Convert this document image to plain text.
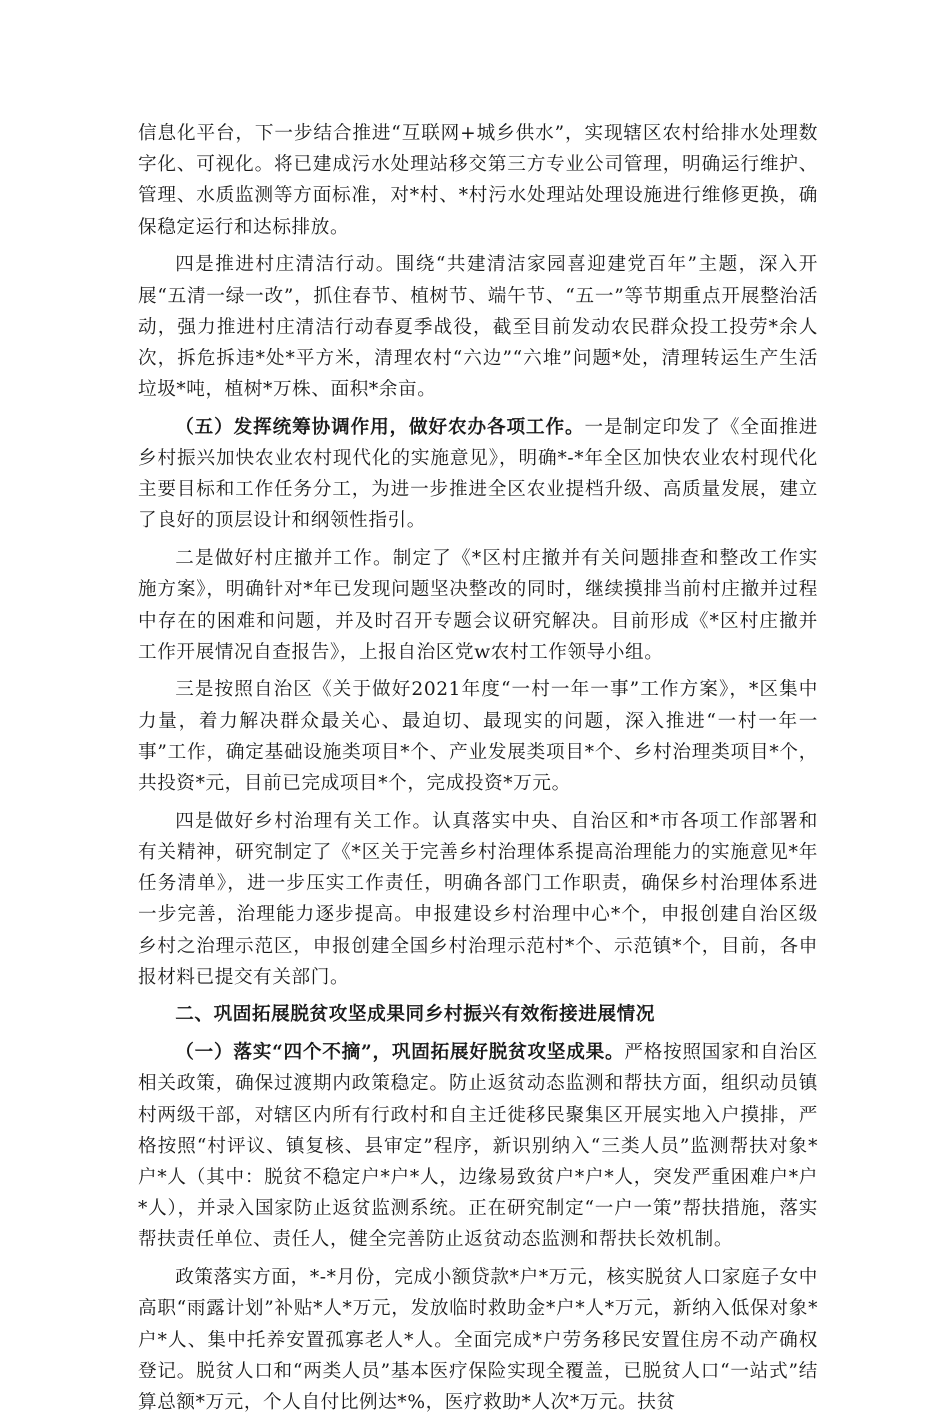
信息化平台，下一步结合推进“互联网+城乡供水”，实现辖区农村给排水处理数字化、可视化。将已建成污水处理站移交第三方专业公司管理，明确运行维护、管理、水质监测等方面标准，对*村、*村污水处理站处理设施进行维修更换，确保稳定运行和达标排放。

四是推进村庄清洁行动。围绕“共建清洁家园喜迎建党百年”主题，深入开展“五清一绿一改”，抓住春节、植树节、端午节、“五一”等节期重点开展整治活动，强力推进村庄清洁行动春夏季战役，截至目前发动农民群众投工投劳*余人次，拆危拆违*处*平方米，清理农村“六边”“六堆”问题*处，清理转运生产生活垃圾*吨，植树*万株、面积*余亩。

（五）发挥统筹协调作用，做好农办各项工作。一是制定印发了《全面推进乡村振兴加快农业农村现代化的实施意见》，明确*-*年全区加快农业农村现代化主要目标和工作任务分工，为进一步推进全区农业提档升级、高质量发展，建立了良好的顶层设计和纲领性指引。

二是做好村庄撤并工作。制定了《*区村庄撤并有关问题排查和整改工作实施方案》，明确针对*年已发现问题坚决整改的同时，继续摸排当前村庄撤并过程中存在的困难和问题，并及时召开专题会议研究解决。目前形成《*区村庄撤并工作开展情况自查报告》，上报自治区党w农村工作领导小组。

三是按照自治区《关于做好2021年度“一村一年一事”工作方案》，*区集中力量，着力解决群众最关心、最迫切、最现实的问题，深入推进“一村一年一事”工作，确定基础设施类项目*个、产业发展类项目*个、乡村治理类项目*个，共投资*元，目前已完成项目*个，完成投资*万元。

四是做好乡村治理有关工作。认真落实中央、自治区和*市各项工作部署和有关精神，研究制定了《*区关于完善乡村治理体系提高治理能力的实施意见*年任务清单》，进一步压实工作责任，明确各部门工作职责，确保乡村治理体系进一步完善，治理能力逐步提高。申报建设乡村治理中心*个，申报创建自治区级乡村之治理示范区，申报创建全国乡村治理示范村*个、示范镇*个，目前，各申报材料已提交有关部门。

二、巩固拓展脱贫攻坚成果同乡村振兴有效衔接进展情况

（一）落实“四个不摘”，巩固拓展好脱贫攻坚成果。严格按照国家和自治区相关政策，确保过渡期内政策稳定。防止返贫动态监测和帮扶方面，组织动员镇村两级干部，对辖区内所有行政村和自主迁徙移民聚集区开展实地入户摸排，严格按照“村评议、镇复核、县审定”程序，新识别纳入“三类人员”监测帮扶对象*户*人（其中：脱贫不稳定户*户*人，边缘易致贫户*户*人，突发严重困难户*户*人），并录入国家防止返贫监测系统。正在研究制定“一户一策”帮扶措施，落实帮扶责任单位、责任人，健全完善防止返贫动态监测和帮扶长效机制。

政策落实方面，*-*月份，完成小额贷款*户*万元，核实脱贫人口家庭子女中高职“雨露计划”补贴*人*万元，发放临时救助金*户*人*万元，新纳入低保对象*户*人、集中托养安置孤寡老人*人。全面完成*户劳务移民安置住房不动产确权登记。脱贫人口和“两类人员”基本医疗保险实现全覆盖，已脱贫人口“一站式”结算总额*万元，个人自付比例达*%，医疗救助*人次*万元。扶贫
